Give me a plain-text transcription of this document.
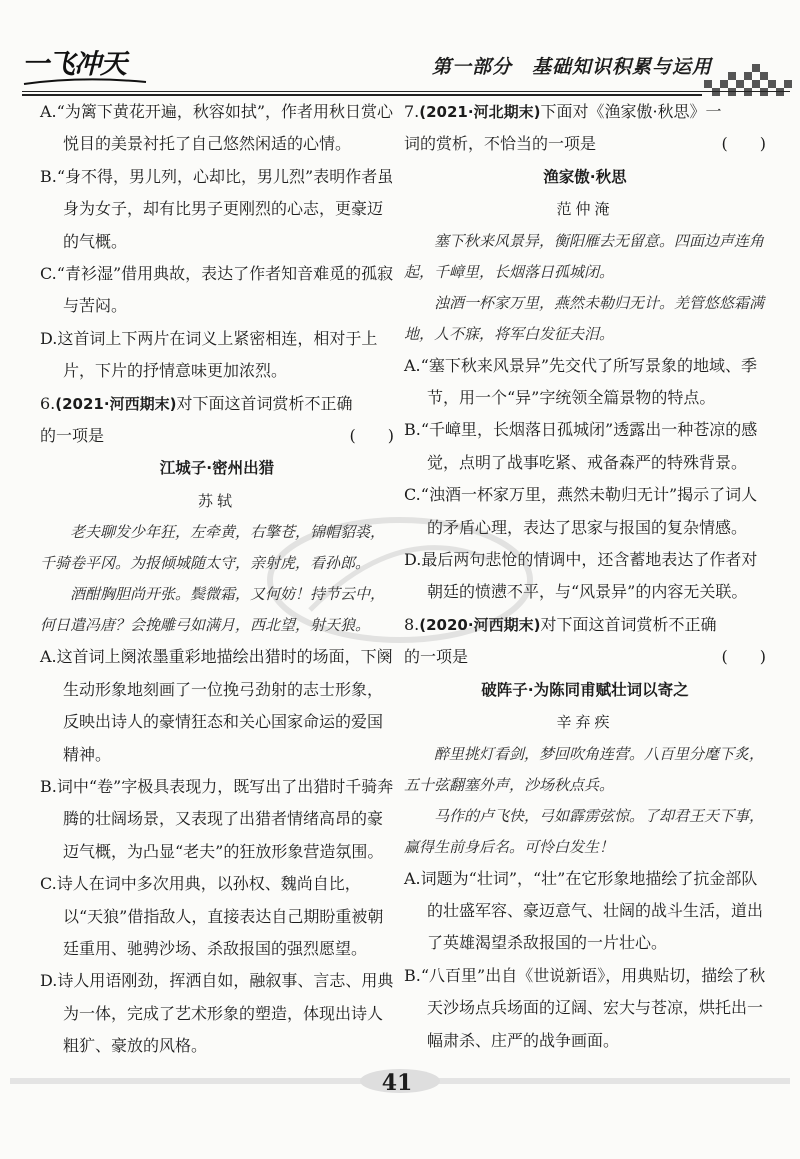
一飞冲天	第一部分　基础知识积累与运用

A.“为篱下黄花开遍，秋容如拭”，作者用秋日赏心悦目的美景衬托了自己悠然闲适的心情。

B.“身不得，男儿列，心却比，男儿烈”表明作者虽身为女子，却有比男子更刚烈的心志，更豪迈的气概。

C.“青衫湿”借用典故，表达了作者知音难觅的孤寂与苦闷。

D.这首词上下两片在词义上紧密相连，相对于上片，下片的抒情意味更加浓烈。

6.(2021·河西期末)对下面这首词赏析不正确

的一项是	(　　)

江城子·密州出猎

苏轼

老夫聊发少年狂，左牵黄，右擎苍，锦帽貂裘，千骑卷平冈。为报倾城随太守，亲射虎，看孙郎。

酒酣胸胆尚开张。鬓微霜，又何妨！持节云中，何日遣冯唐？会挽雕弓如满月，西北望，射天狼。

A.这首词上阕浓墨重彩地描绘出猎时的场面，下阕生动形象地刻画了一位挽弓劲射的志士形象，反映出诗人的豪情狂态和关心国家命运的爱国精神。

B.词中“卷”字极具表现力，既写出了出猎时千骑奔腾的壮阔场景，又表现了出猎者情绪高昂的豪迈气概，为凸显“老夫”的狂放形象营造氛围。

C.诗人在词中多次用典，以孙权、魏尚自比，以“天狼”借指敌人，直接表达自己期盼重被朝廷重用、驰骋沙场、杀敌报国的强烈愿望。

D.诗人用语刚劲，挥洒自如，融叙事、言志、用典为一体，完成了艺术形象的塑造，体现出诗人粗犷、豪放的风格。

7.(2021·河北期末)下面对《渔家傲·秋思》一

词的赏析，不恰当的一项是	(　　)

渔家傲·秋思

范仲淹

塞下秋来风景异，衡阳雁去无留意。四面边声连角起，千嶂里，长烟落日孤城闭。

浊酒一杯家万里，燕然未勒归无计。羌管悠悠霜满地，人不寐，将军白发征夫泪。

A.“塞下秋来风景异”先交代了所写景象的地域、季节，用一个“异”字统领全篇景物的特点。

B.“千嶂里，长烟落日孤城闭”透露出一种苍凉的感觉，点明了战事吃紧、戒备森严的特殊背景。

C.“浊酒一杯家万里，燕然未勒归无计”揭示了词人的矛盾心理，表达了思家与报国的复杂情感。

D.最后两句悲怆的情调中，还含蓄地表达了作者对朝廷的愤懑不平，与“风景异”的内容无关联。

8.(2020·河西期末)对下面这首词赏析不正确

的一项是	(　　)

破阵子·为陈同甫赋壮词以寄之

辛弃疾

醉里挑灯看剑，梦回吹角连营。八百里分麾下炙，五十弦翻塞外声，沙场秋点兵。

马作的卢飞快，弓如霹雳弦惊。了却君王天下事，赢得生前身后名。可怜白发生！

A.词题为“壮词”，“壮”在它形象地描绘了抗金部队的壮盛军容、豪迈意气、壮阔的战斗生活，道出了英雄渴望杀敌报国的一片壮心。

B.“八百里”出自《世说新语》，用典贴切，描绘了秋天沙场点兵场面的辽阔、宏大与苍凉，烘托出一幅肃杀、庄严的战争画面。

41
